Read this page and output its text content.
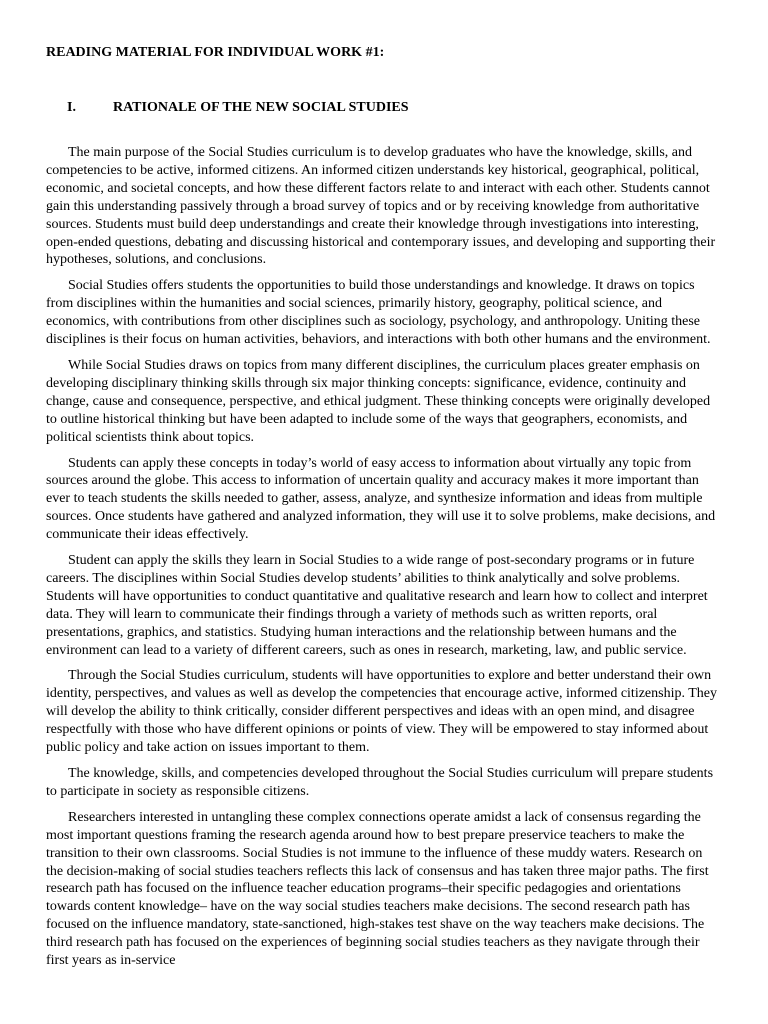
READING MATERIAL FOR INDIVIDUAL WORK #1:
I.	RATIONALE OF THE NEW SOCIAL STUDIES

The main purpose of the Social Studies curriculum is to develop graduates who have the knowledge, skills, and competencies to be active, informed citizens. An informed citizen understands key historical, geographical, political, economic, and societal concepts, and how these different factors relate to and interact with each other. Students cannot gain this understanding passively through a broad survey of topics and or by receiving knowledge from authoritative sources. Students must build deep understandings and create their knowledge through investigations into interesting, open-ended questions, debating and discussing historical and contemporary issues, and developing and supporting their hypotheses, solutions, and conclusions.

Social Studies offers students the opportunities to build those understandings and knowledge. It draws on topics from disciplines within the humanities and social sciences, primarily history, geography, political science, and economics, with contributions from other disciplines such as sociology, psychology, and anthropology. Uniting these disciplines is their focus on human activities, behaviors, and interactions with both other humans and the environment.

While Social Studies draws on topics from many different disciplines, the curriculum places greater emphasis on developing disciplinary thinking skills through six major thinking concepts: significance, evidence, continuity and change, cause and consequence, perspective, and ethical judgment. These thinking concepts were originally developed to outline historical thinking but have been adapted to include some of the ways that geographers, economists, and political scientists think about topics.

Students can apply these concepts in today’s world of easy access to information about virtually any topic from sources around the globe. This access to information of uncertain quality and accuracy makes it more important than ever to teach students the skills needed to gather, assess, analyze, and synthesize information and ideas from multiple sources. Once students have gathered and analyzed information, they will use it to solve problems, make decisions, and communicate their ideas effectively.

Student can apply the skills they learn in Social Studies to a wide range of post-secondary programs or in future careers. The disciplines within Social Studies develop students’ abilities to think analytically and solve problems. Students will have opportunities to conduct quantitative and qualitative research and learn how to collect and interpret data. They will learn to communicate their findings through a variety of methods such as written reports, oral presentations, graphics, and statistics. Studying human interactions and the relationship between humans and the environment can lead to a variety of different careers, such as ones in research, marketing, law, and public service.

Through the Social Studies curriculum, students will have opportunities to explore and better understand their own identity, perspectives, and values as well as develop the competencies that encourage active, informed citizenship. They will develop the ability to think critically, consider different perspectives and ideas with an open mind, and disagree respectfully with those who have different opinions or points of view. They will be empowered to stay informed about public policy and take action on issues important to them.

The knowledge, skills, and competencies developed throughout the Social Studies curriculum will prepare students to participate in society as responsible citizens.

Researchers interested in untangling these complex connections operate amidst a lack of consensus regarding the most important questions framing the research agenda around how to best prepare preservice teachers to make the transition to their own classrooms. Social Studies is not immune to the influence of these muddy waters. Research on the decision-making of social studies teachers reflects this lack of consensus and has taken three major paths. The first research path has focused on the influence teacher education programs–their specific pedagogies and orientations towards content knowledge– have on the way social studies teachers make decisions. The second research path has focused on the influence mandatory, state-sanctioned, high-stakes test shave on the way teachers make decisions. The third research path has focused on the experiences of beginning social studies teachers as they navigate through their first years as in-service
